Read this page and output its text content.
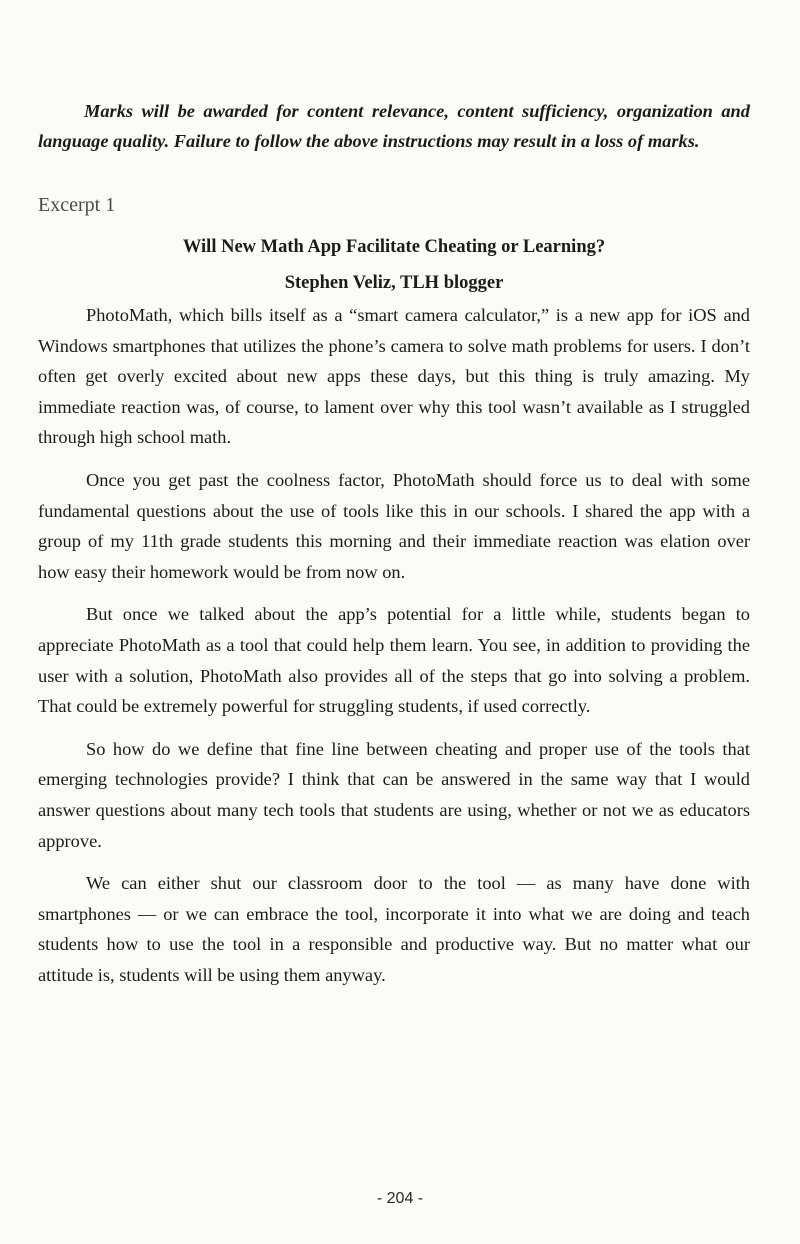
Marks will be awarded for content relevance, content sufficiency, organization and language quality. Failure to follow the above instructions may result in a loss of marks.

Excerpt 1
Will New Math App Facilitate Cheating or Learning?
Stephen Veliz, TLH blogger

PhotoMath, which bills itself as a “smart camera calculator,” is a new app for iOS and Windows smartphones that utilizes the phone’s camera to solve math problems for users. I don’t often get overly excited about new apps these days, but this thing is truly amazing. My immediate reaction was, of course, to lament over why this tool wasn’t available as I struggled through high school math.

Once you get past the coolness factor, PhotoMath should force us to deal with some fundamental questions about the use of tools like this in our schools. I shared the app with a group of my 11th grade students this morning and their immediate reaction was elation over how easy their homework would be from now on.

But once we talked about the app’s potential for a little while, students began to appreciate PhotoMath as a tool that could help them learn. You see, in addition to providing the user with a solution, PhotoMath also provides all of the steps that go into solving a problem. That could be extremely powerful for struggling students, if used correctly.

So how do we define that fine line between cheating and proper use of the tools that emerging technologies provide? I think that can be answered in the same way that I would answer questions about many tech tools that students are using, whether or not we as educators approve.

We can either shut our classroom door to the tool — as many have done with smartphones — or we can embrace the tool, incorporate it into what we are doing and teach students how to use the tool in a responsible and productive way. But no matter what our attitude is, students will be using them anyway.

- 204 -
